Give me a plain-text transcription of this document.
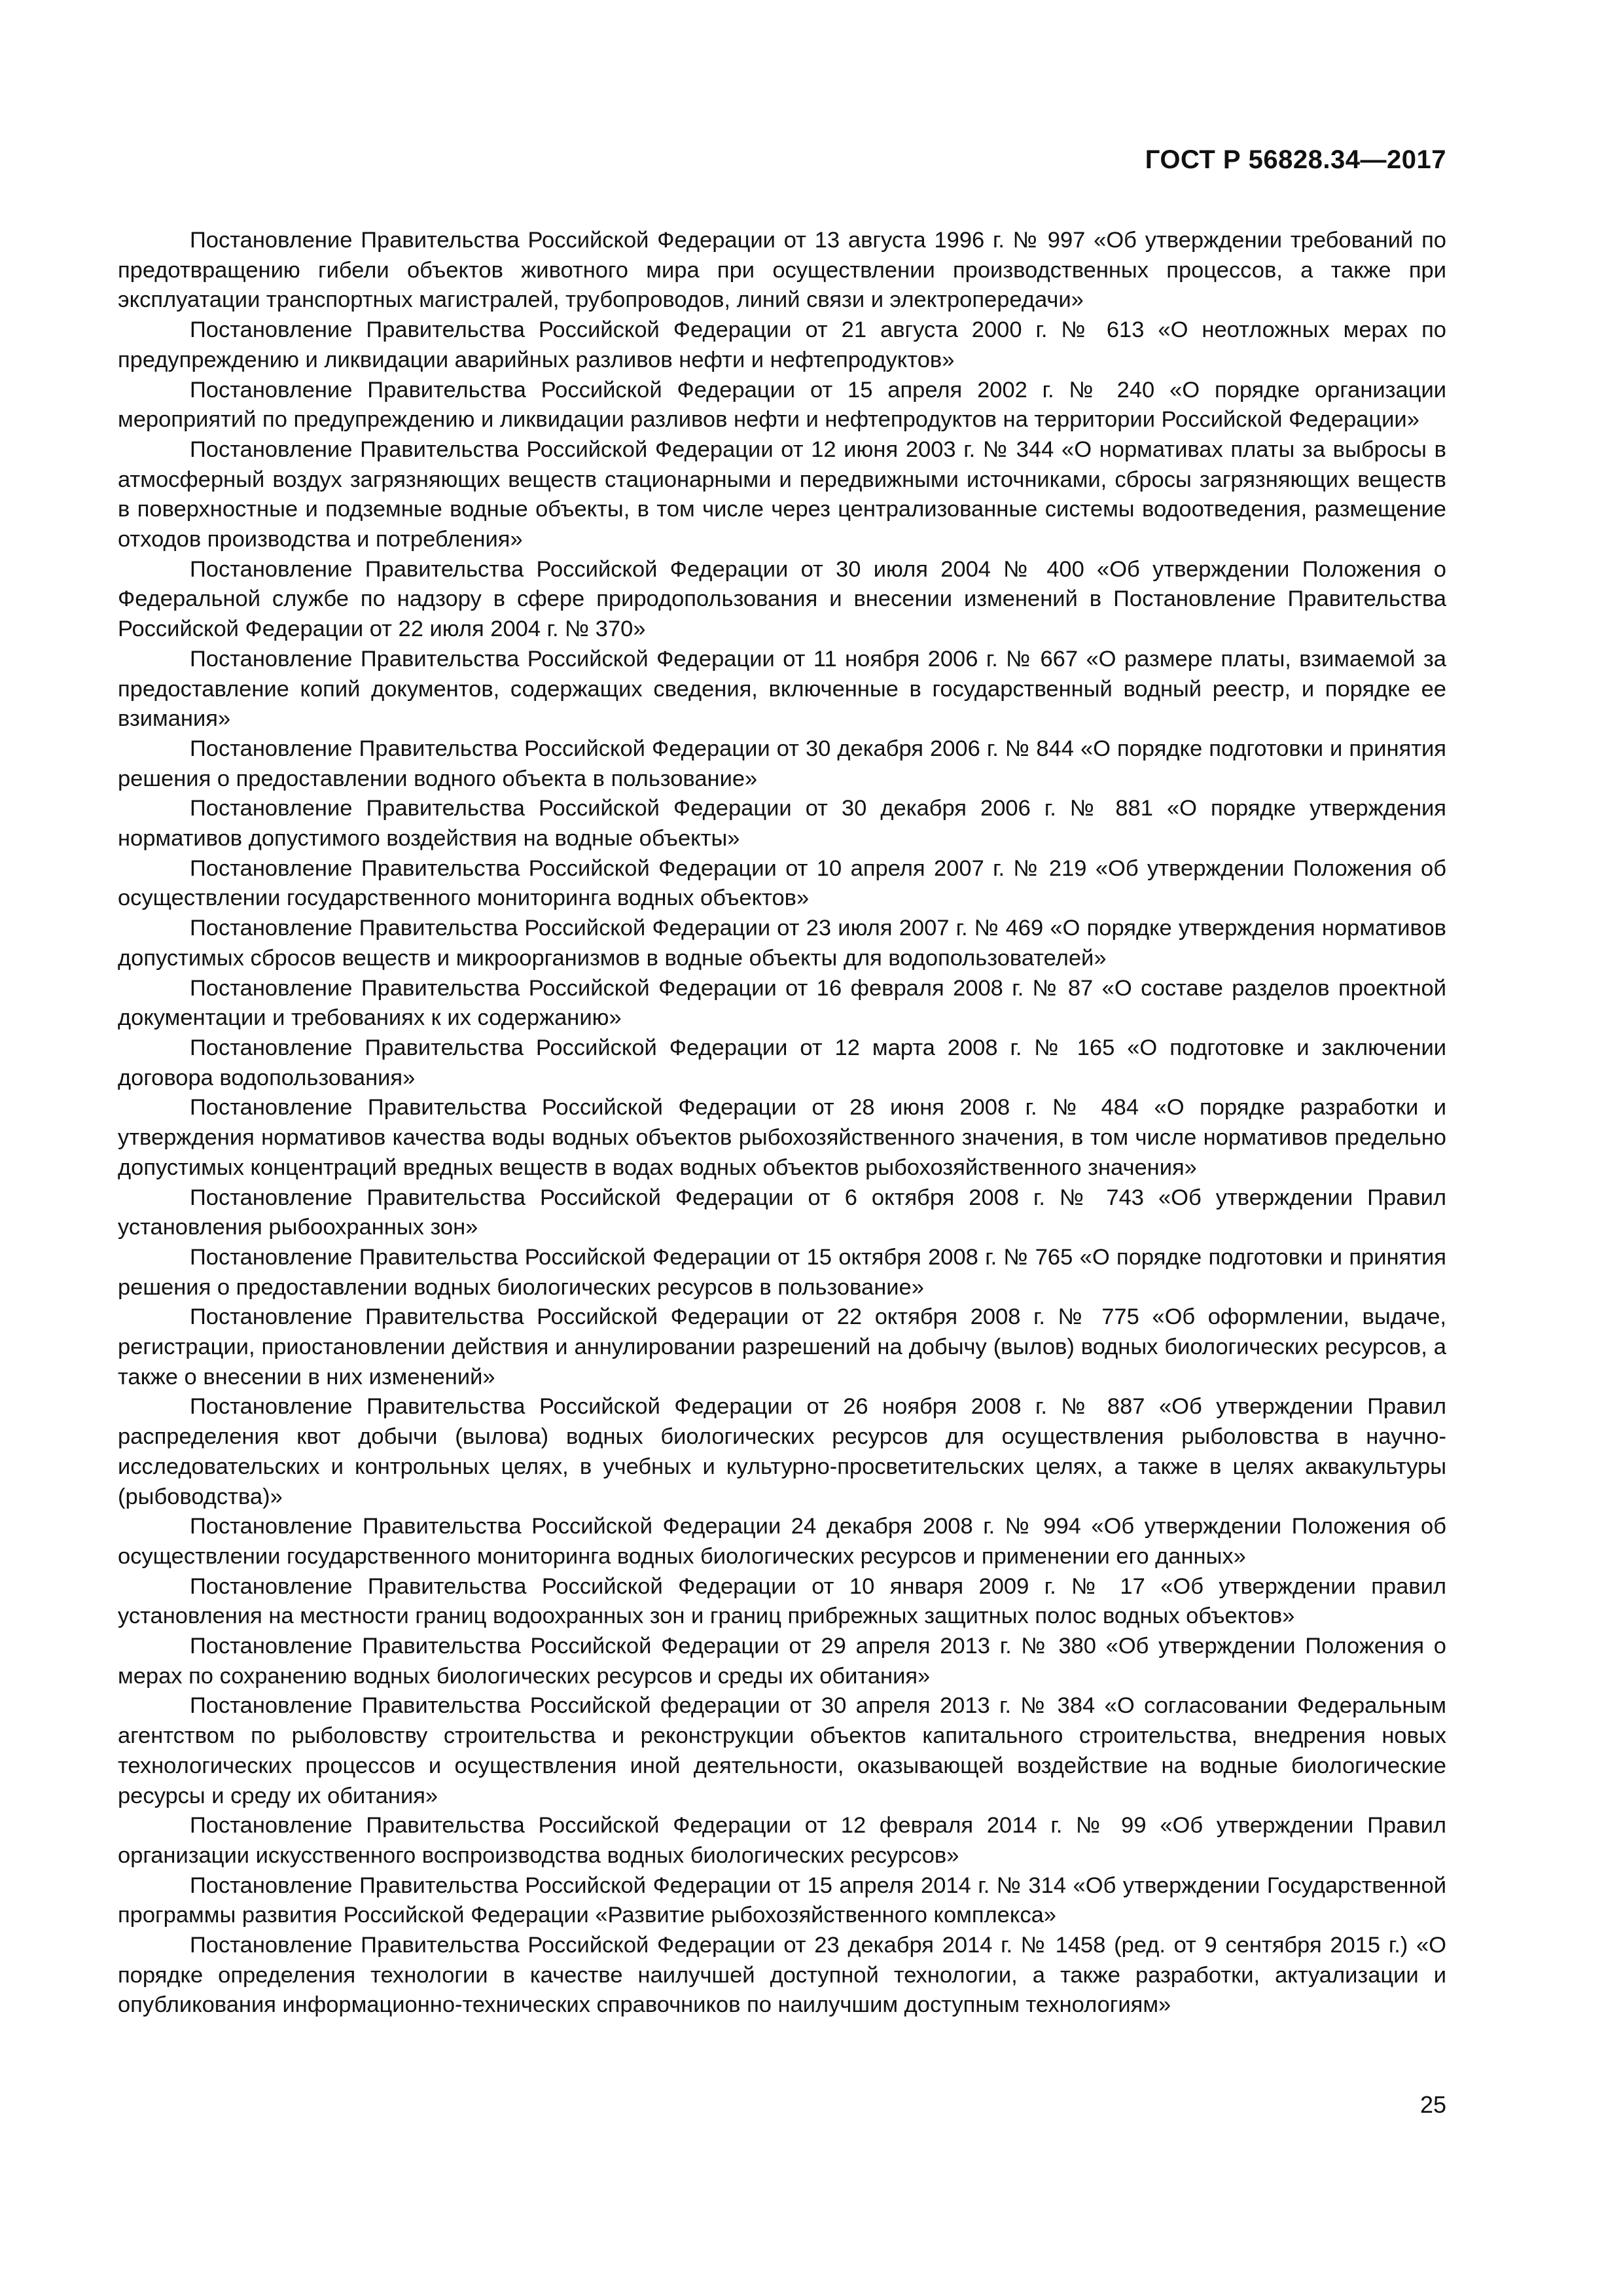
ГОСТ Р 56828.34—2017

Постановление Правительства Российской Федерации от 13 августа 1996 г. № 997 «Об утверждении требований по предотвращению гибели объектов животного мира при осуществлении производственных процессов, а также при эксплуатации транспортных магистралей, трубопроводов, линий связи и электропередачи»

Постановление Правительства Российской Федерации от 21 августа 2000 г. № 613 «О неотложных мерах по предупреждению и ликвидации аварийных разливов нефти и нефтепродуктов»

Постановление Правительства Российской Федерации от 15 апреля 2002 г. № 240 «О порядке организации мероприятий по предупреждению и ликвидации разливов нефти и нефтепродуктов на территории Российской Федерации»

Постановление Правительства Российской Федерации от 12 июня 2003 г. № 344 «О нормативах платы за выбросы в атмосферный воздух загрязняющих веществ стационарными и передвижными источниками, сбросы загрязняющих веществ в поверхностные и подземные водные объекты, в том числе через централизованные системы водоотведения, размещение отходов производства и потребления»

Постановление Правительства Российской Федерации от 30 июля 2004 № 400 «Об утверждении Положения о Федеральной службе по надзору в сфере природопользования и внесении изменений в Постановление Правительства Российской Федерации от 22 июля 2004 г. № 370»

Постановление Правительства Российской Федерации от 11 ноября 2006 г. № 667 «О размере платы, взимаемой за предоставление копий документов, содержащих сведения, включенные в государственный водный реестр, и порядке ее взимания»

Постановление Правительства Российской Федерации от 30 декабря 2006 г. № 844 «О порядке подготовки и принятия решения о предоставлении водного объекта в пользование»

Постановление Правительства Российской Федерации от 30 декабря 2006 г. № 881 «О порядке утверждения нормативов допустимого воздействия на водные объекты»

Постановление Правительства Российской Федерации от 10 апреля 2007 г. № 219 «Об утверждении Положения об осуществлении государственного мониторинга водных объектов»

Постановление Правительства Российской Федерации от 23 июля 2007 г. № 469 «О порядке утверждения нормативов допустимых сбросов веществ и микроорганизмов в водные объекты для водопользователей»

Постановление Правительства Российской Федерации от 16 февраля 2008 г. № 87 «О составе разделов проектной документации и требованиях к их содержанию»

Постановление Правительства Российской Федерации от 12 марта 2008 г. № 165 «О подготовке и заключении договора водопользования»

Постановление Правительства Российской Федерации от 28 июня 2008 г. № 484 «О порядке разработки и утверждения нормативов качества воды водных объектов рыбохозяйственного значения, в том числе нормативов предельно допустимых концентраций вредных веществ в водах водных объектов рыбохозяйственного значения»

Постановление Правительства Российской Федерации от 6 октября 2008 г. № 743 «Об утверждении Правил установления рыбоохранных зон»

Постановление Правительства Российской Федерации от 15 октября 2008 г. № 765 «О порядке подготовки и принятия решения о предоставлении водных биологических ресурсов в пользование»

Постановление Правительства Российской Федерации от 22 октября 2008 г. № 775 «Об оформлении, выдаче, регистрации, приостановлении действия и аннулировании разрешений на добычу (вылов) водных биологических ресурсов, а также о внесении в них изменений»

Постановление Правительства Российской Федерации от 26 ноября 2008 г. № 887 «Об утверждении Правил распределения квот добычи (вылова) водных биологических ресурсов для осуществления рыболовства в научно-исследовательских и контрольных целях, в учебных и культурно-просветительских целях, а также в целях аквакультуры (рыбоводства)»

Постановление Правительства Российской Федерации 24 декабря 2008 г. № 994 «Об утверждении Положения об осуществлении государственного мониторинга водных биологических ресурсов и применении его данных»

Постановление Правительства Российской Федерации от 10 января 2009 г. № 17 «Об утверждении правил установления на местности границ водоохранных зон и границ прибрежных защитных полос водных объектов»

Постановление Правительства Российской Федерации от 29 апреля 2013 г. № 380 «Об утверждении Положения о мерах по сохранению водных биологических ресурсов и среды их обитания»

Постановление Правительства Российской федерации от 30 апреля 2013 г. № 384 «О согласовании Федеральным агентством по рыболовству строительства и реконструкции объектов капитального строительства, внедрения новых технологических процессов и осуществления иной деятельности, оказывающей воздействие на водные биологические ресурсы и среду их обитания»

Постановление Правительства Российской Федерации от 12 февраля 2014 г. № 99 «Об утверждении Правил организации искусственного воспроизводства водных биологических ресурсов»

Постановление Правительства Российской Федерации от 15 апреля 2014 г. № 314 «Об утверждении Государственной программы развития Российской Федерации «Развитие рыбохозяйственного комплекса»

Постановление Правительства Российской Федерации от 23 декабря 2014 г. № 1458 (ред. от 9 сентября 2015 г.) «О порядке определения технологии в качестве наилучшей доступной технологии, а также разработки, актуализации и опубликования информационно-технических справочников по наилучшим доступным технологиям»

25
